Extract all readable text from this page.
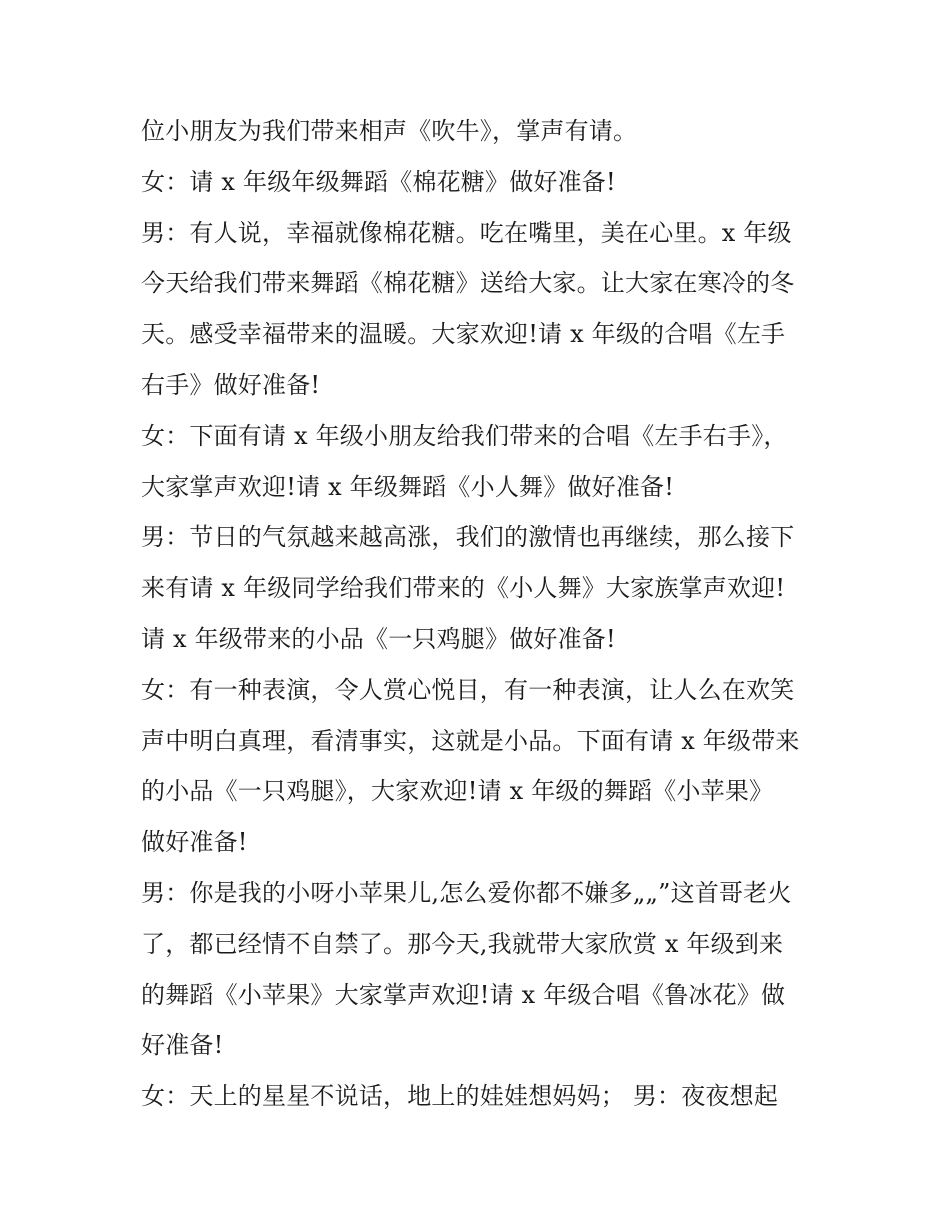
位小朋友为我们带来相声《吹牛》，掌声有请。
女：请 x 年级年级舞蹈《棉花糖》做好准备!
男：有人说，幸福就像棉花糖。吃在嘴里，美在心里。x 年级
今天给我们带来舞蹈《棉花糖》送给大家。让大家在寒冷的冬
天。感受幸福带来的温暖。大家欢迎!请 x 年级的合唱《左手
右手》做好准备!
女：下面有请 x 年级小朋友给我们带来的合唱《左手右手》，
大家掌声欢迎!请 x 年级舞蹈《小人舞》做好准备!
男：节日的气氛越来越高涨，我们的激情也再继续，那么接下
来有请 x 年级同学给我们带来的《小人舞》大家族掌声欢迎!
请 x 年级带来的小品《一只鸡腿》做好准备!
女：有一种表演，令人赏心悦目，有一种表演，让人么在欢笑
声中明白真理，看清事实，这就是小品。下面有请 x 年级带来
的小品《一只鸡腿》，大家欢迎!请 x 年级的舞蹈《小苹果》
做好准备!
男：你是我的小呀小苹果儿,怎么爱你都不嫌多„„”这首哥老火
了，都已经情不自禁了。那今天,我就带大家欣赏 x 年级到来
的舞蹈《小苹果》大家掌声欢迎!请 x 年级合唱《鲁冰花》做
好准备!
女：天上的星星不说话，地上的娃娃想妈妈； 男：夜夜想起
